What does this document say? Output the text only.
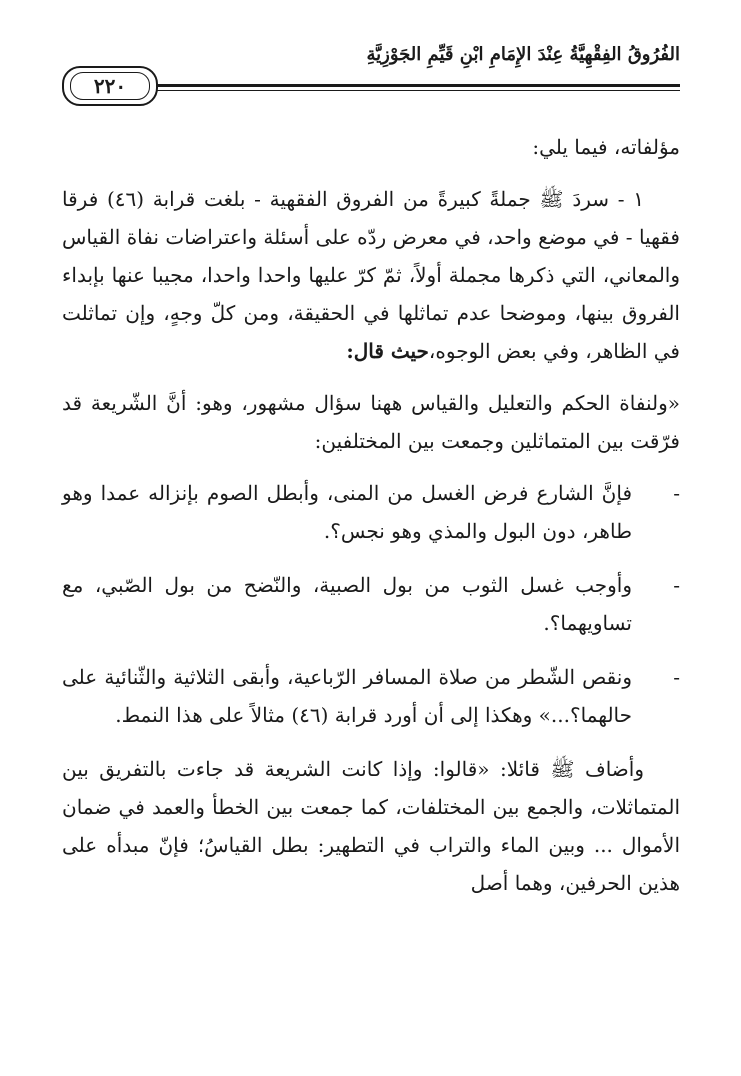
٢٢٠
الفُرُوقُ الفِقْهِيَّةُ عِنْدَ الإِمَامِ ابْنِ قَيِّمِ الجَوْزِيَّةِ

مؤلفاته، فيما يلي:

١ - سردَ ﷺ جملةً كبيرةً من الفروق الفقهية - بلغت قرابة (٤٦) فرقا فقهيا - في موضع واحد، في معرض ردّه على أسئلة واعتراضات نفاة القياس والمعاني، التي ذكرها مجملة أولاً، ثمّ كرّ عليها واحدا واحدا، مجيبا عنها بإبداء الفروق بينها، وموضحا عدم تماثلها في الحقيقة، ومن كلّ وجهٍ، وإن تماثلت في الظاهر، وفي بعض الوجوه،حيث قال:

«ولنفاة الحكم والتعليل والقياس ههنا سؤال مشهور، وهو: أنَّ الشّريعة قد فرّقت بين المتماثلين وجمعت بين المختلفين:

-
فإنَّ الشارع فرض الغسل من المنى، وأبطل الصوم بإنزاله عمدا وهو طاهر، دون البول والمذي وهو نجس؟.
-
وأوجب غسل الثوب من بول الصبية، والنّضح من بول الصّبي، مع تساويهما؟.
-
ونقص الشّطر من صلاة المسافر الرّباعية، وأبقى الثلاثية والثّنائية على حالهما؟...» وهكذا إلى أن أورد قرابة (٤٦) مثالاً على هذا النمط.

وأضاف ﷺ قائلا: «قالوا: وإذا كانت الشريعة قد جاءت بالتفريق بين المتماثلات، والجمع بين المختلفات، كما جمعت بين الخطأ والعمد في ضمان الأموال ... وبين الماء والتراب في التطهير: بطل القياسُ؛ فإنّ مبدأه على هذين الحرفين، وهما أصل
